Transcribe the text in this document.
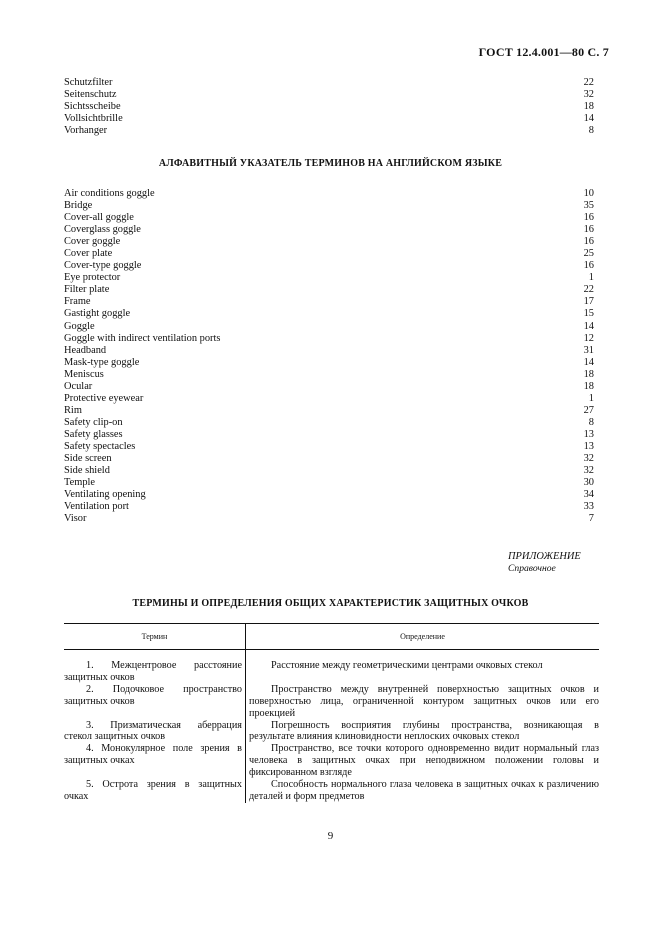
ГОСТ 12.4.001—80 С. 7
Schutzfilter	22
Seitenschutz	32
Sichtsscheibe	18
Vollsichtbrille	14
Vorhanger	8
АЛФАВИТНЫЙ УКАЗАТЕЛЬ ТЕРМИНОВ НА АНГЛИЙСКОМ ЯЗЫКЕ
Air conditions goggle	10
Bridge	35
Cover-all goggle	16
Coverglass goggle	16
Cover goggle	16
Cover plate	25
Cover-type goggle	16
Eye protector	1
Filter plate	22
Frame	17
Gastight goggle	15
Goggle	14
Goggle with indirect ventilation ports	12
Headband	31
Mask-type goggle	14
Meniscus	18
Ocular	18
Protective eyewear	1
Rim	27
Safety clip-on	8
Safety glasses	13
Safety spectacles	13
Side screen	32
Side shield	32
Temple	30
Ventilating opening	34
Ventilation port	33
Visor	7
ПРИЛОЖЕНИЕ
Справочное
ТЕРМИНЫ И ОПРЕДЕЛЕНИЯ ОБЩИХ ХАРАКТЕРИСТИК ЗАЩИТНЫХ ОЧКОВ
Термин	Определение

1. Межцентровое расстояние защитных очков	Расстояние между геометрическими центрами очковых стекол

2. Подочковое пространство защитных очков	Пространство между внутренней поверхностью защитных очков и поверхностью лица, ограниченной контуром защитных очков или его проекцией

3. Призматическая аберрация стекол защитных очков	Погрешность восприятия глубины пространства, возникающая в результате влияния клиновидности неплоских очковых стекол

4. Монокулярное поле зрения в защитных очках	Пространство, все точки которого одновременно видит нормальный глаз человека в защитных очках при неподвижном положении головы и фиксированном взгляде

5. Острота зрения в защитных очках	Способность нормального глаза человека в защитных очках к различению деталей и форм предметов
9
